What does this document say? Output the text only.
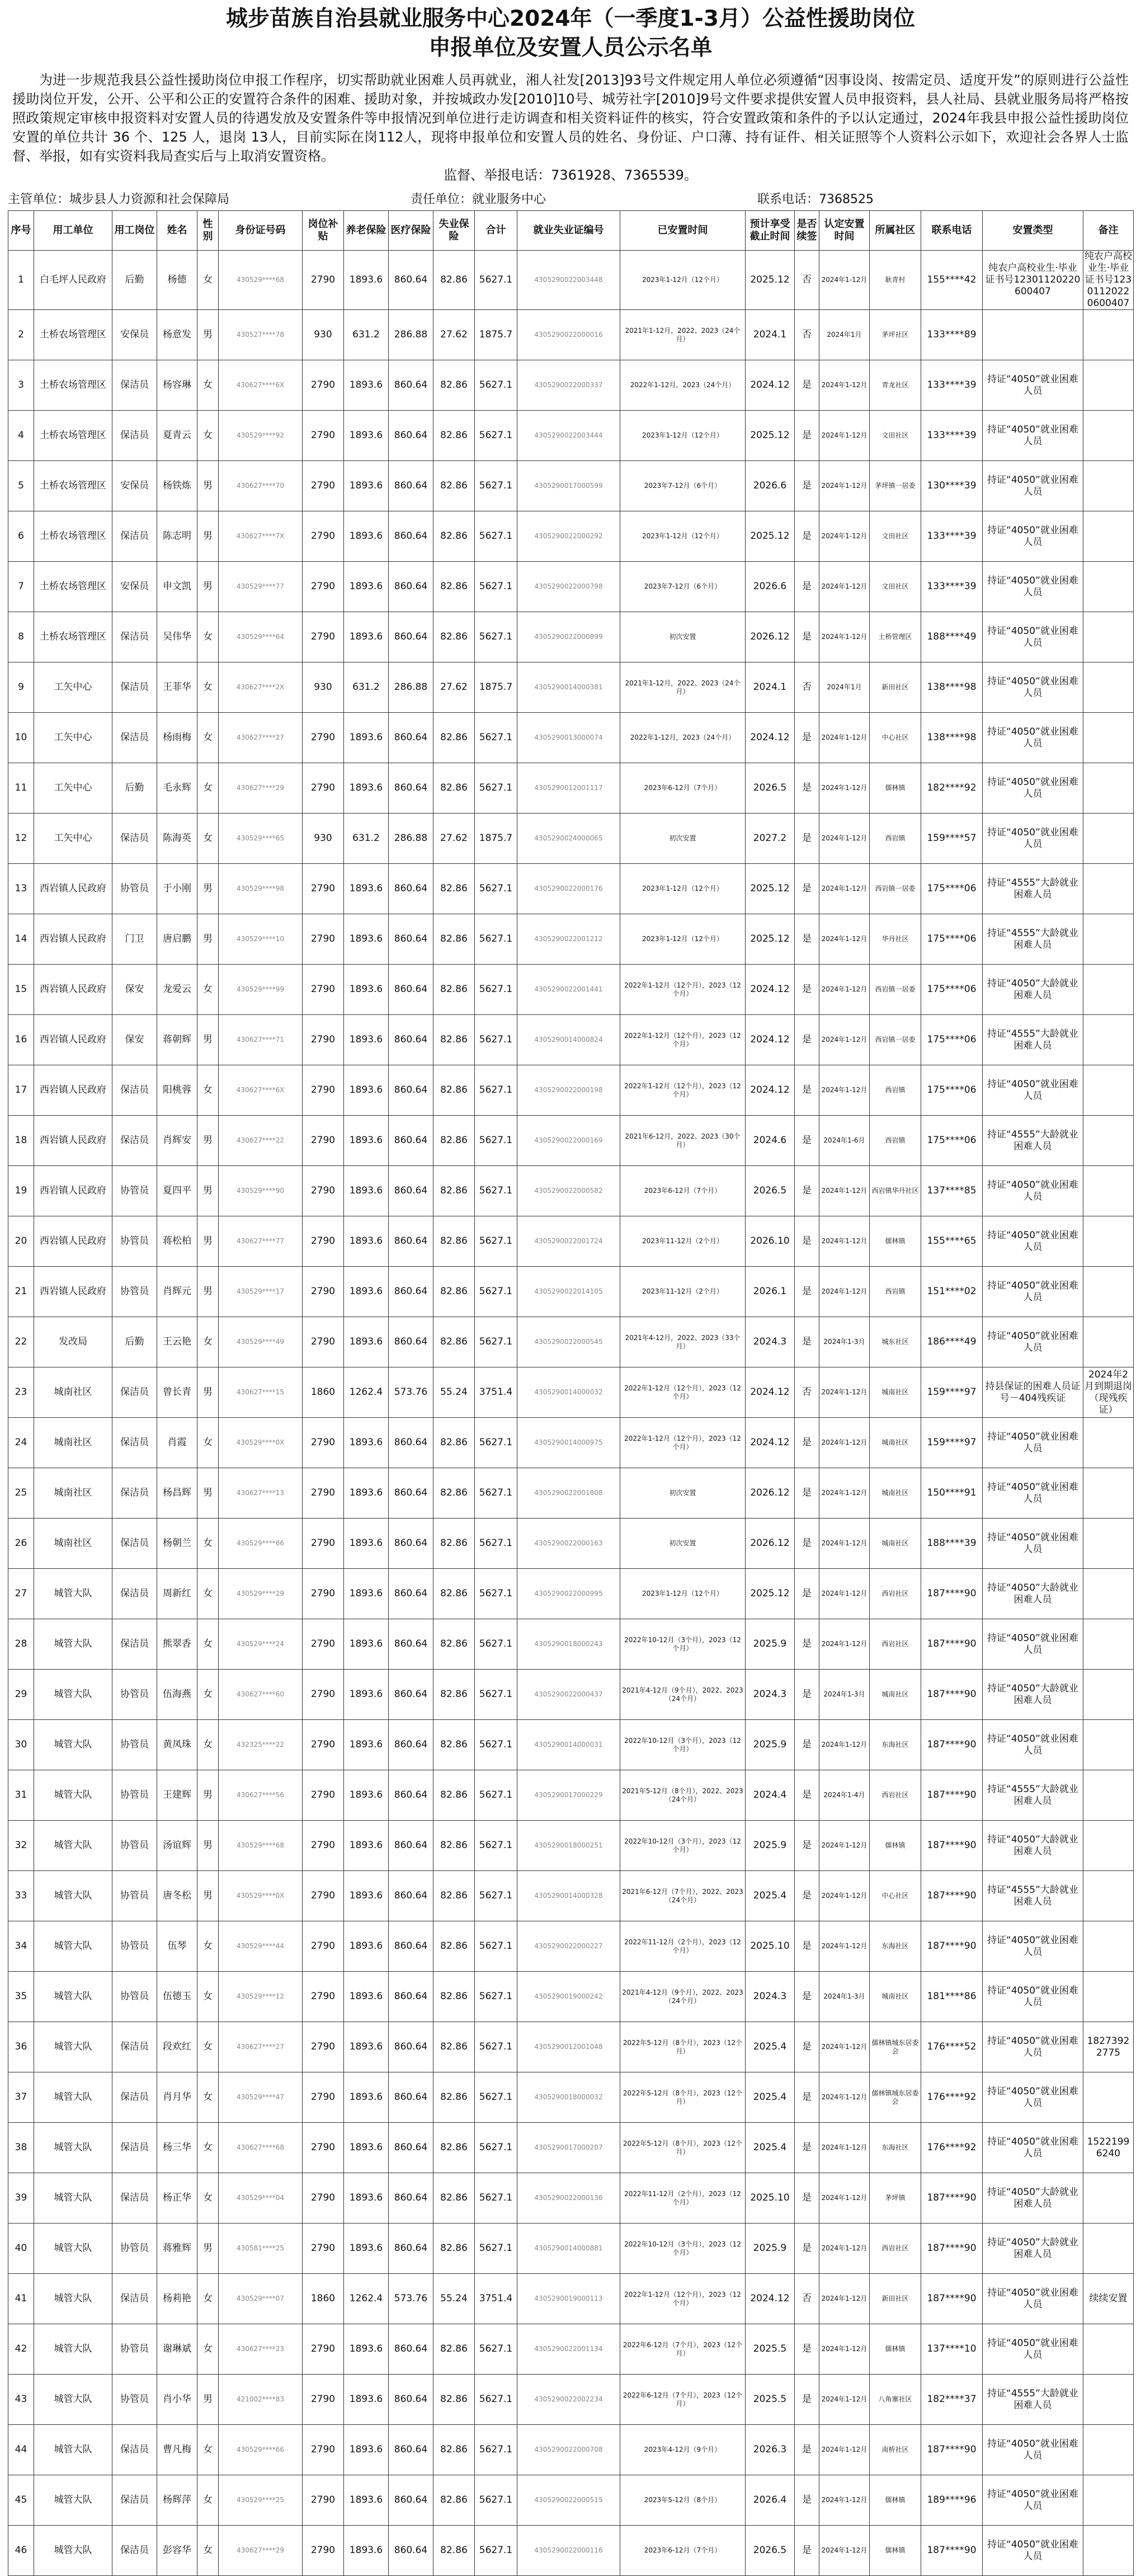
城步苗族自治县就业服务中心2024年（一季度1-3月）公益性援助岗位
申报单位及安置人员公示名单

为进一步规范我县公益性援助岗位申报工作程序，切实帮助就业困难人员再就业，湘人社发[2013]93号文件规定用人单位必须遵循“因事设岗、按需定员、适度开发”的原则进行公益性援助岗位开发，公开、公平和公正的安置符合条件的困难、援助对象，并按城政办发[2010]10号、城劳社字[2010]9号文件要求提供安置人员申报资料，县人社局、县就业服务局将严格按照政策规定审核申报资料对安置人员的待遇发放及安置条件等申报情况到单位进行走访调查和相关资料证件的核实，符合安置政策和条件的予以认定通过，2024年我县申报公益性援助岗位安置的单位共计 36 个、125 人，退岗 13人，目前实际在岗112人，现将申报单位和安置人员的姓名、身份证、户口薄、持有证件、相关证照等个人资料公示如下，欢迎社会各界人士监督、举报，如有实资料我局查实后与上取消安置资格。

监督、举报电话：7361928、7365539。

主管单位：城步县人力资源和社会保障局	责任单位：就业服务中心	联系电话：7368525
序号	用工单位	用工岗位	姓名	性别	身份证号码	岗位补贴	养老保险	医疗保险	失业保险	合计	就业失业证编号	已安置时间	预计享受截止时间	是否续签	认定安置时间	所属社区	联系电话	安置类型	备注
1	白毛坪人民政府	后勤	杨德	女	430529****68	2790	1893.6	860.64	82.86	5627.1	4305290022003448	2023年1-12月（12个月）	2025.12	否	2024年1-12月	耿青村	155****42	纯农户高校业生·毕业证书号12301120220600407	纯农户高校业生·毕业证书号12301120220600407
2	土桥农场管理区	安保员	杨意发	男	430527****78	930	631.2	286.88	27.62	1875.7	4305290022000016	2021年1-12月，2022、2023（24个月）	2024.1	否	2024年1月	茅坪社区	133****89		
3	土桥农场管理区	保洁员	杨容琳	女	430627****6X	2790	1893.6	860.64	82.86	5627.1	4305290022000337	2022年1-12月，2023（24个月）	2024.12	是	2024年1-12月	青龙社区	133****39	持证“4050”就业困难人员	
4	土桥农场管理区	保洁员	夏青云	女	430529****92	2790	1893.6	860.64	82.86	5627.1	4305290022003444	2023年1-12月（12个月）	2025.12	是	2024年1-12月	文田社区	133****39	持证“4050”就业困难人员	
5	土桥农场管理区	安保员	杨铁炼	男	430627****70	2790	1893.6	860.64	82.86	5627.1	4305290017000599	2023年7-12月（6个月）	2026.6	是	2024年1-12月	茅坪镇一居委	130****39	持证“4050”就业困难人员	
6	土桥农场管理区	保洁员	陈志明	男	430627****7X	2790	1893.6	860.64	82.86	5627.1	4305290022000292	2023年1-12月（12个月）	2025.12	是	2024年1-12月	文田社区	133****39	持证“4050”就业困难人员	
7	土桥农场管理区	安保员	申文凯	男	430529****77	2790	1893.6	860.64	82.86	5627.1	4305290022000798	2023年7-12月（6个月）	2026.6	是	2024年1-12月	文田社区	133****39	持证“4050”就业困难人员	
8	土桥农场管理区	保洁员	吴伟华	女	430529****64	2790	1893.6	860.64	82.86	5627.1	4305290022000899	初次安置	2026.12	是	2024年1-12月	土桥管理区	188****49	持证“4050”就业困难人员	
9	工矢中心	保洁员	王菲华	女	430627****2X	930	631.2	286.88	27.62	1875.7	4305290014000381	2021年1-12月，2022、2023（24个月）	2024.1	否	2024年1月	新田社区	138****98	持证“4050”就业困难人员	
10	工矢中心	保洁员	杨雨梅	女	430627****27	2790	1893.6	860.64	82.86	5627.1	4305290013000074	2022年1-12月，2023（24个月）	2024.12	是	2024年1-12月	中心社区	138****98	持证“4050”就业困难人员	
11	工矢中心	后勤	毛永辉	女	430627****29	2790	1893.6	860.64	82.86	5627.1	4305290012001117	2023年6-12月（7个月）	2026.5	是	2024年1-12月	儒林镇	182****92	持证“4050”就业困难人员	
12	工矢中心	保洁员	陈海英	女	430529****65	930	631.2	286.88	27.62	1875.7	4305290024000065	初次安置	2027.2	是	2024年1-12月	西岩镇	159****57	持证“4050”就业困难人员	
13	西岩镇人民政府	协管员	于小刚	男	430529****98	2790	1893.6	860.64	82.86	5627.1	4305290022000176	2023年1-12月（12个月）	2025.12	是	2024年1-12月	西岩镇一居委	175****06	持证“4555”大龄就业困难人员	
14	西岩镇人民政府	门卫	唐启鹏	男	430529****10	2790	1893.6	860.64	82.86	5627.1	4305290022001212	2023年1-12月（12个月）	2025.12	是	2024年1-12月	华丹社区	175****06	持证“4555”大龄就业困难人员	
15	西岩镇人民政府	保安	龙爱云	女	430529****99	2790	1893.6	860.64	82.86	5627.1	4305290022001441	2022年1-12月（12个月），2023（12个月）	2024.12	是	2024年1-12月	西岩镇一居委	175****06	持证“4050”大龄就业困难人员	
16	西岩镇人民政府	保安	蒋朝辉	男	430627****71	2790	1893.6	860.64	82.86	5627.1	4305290014000824	2022年1-12月（12个月），2023（12个月）	2024.12	是	2024年1-12月	西岩镇一居委	175****06	持证“4555”大龄就业困难人员	
17	西岩镇人民政府	保洁员	阳桃蓉	女	430627****6X	2790	1893.6	860.64	82.86	5627.1	4305290022000198	2022年1-12月（12个月），2023（12个月）	2024.12	是	2024年1-12月	西岩镇	175****06	持证“4050”就业困难人员	
18	西岩镇人民政府	保洁员	肖辉安	男	430627****22	2790	1893.6	860.64	82.86	5627.1	4305290022000169	2021年6-12月，2022、2023（30个月）	2024.6	是	2024年1-6月	西岩镇	175****06	持证“4555”大龄就业困难人员	
19	西岩镇人民政府	协管员	夏四平	男	430529****90	2790	1893.6	860.64	82.86	5627.1	4305290022000582	2023年6-12月（7个月）	2026.5	是	2024年1-12月	西岩镇华丹社区	137****85	持证“4050”就业困难人员	
20	西岩镇人民政府	协管员	蒋松柏	男	430627****77	2790	1893.6	860.64	82.86	5627.1	4305290022001724	2023年11-12月（2个月）	2026.10	是	2024年1-12月	儒林镇	155****65	持证“4050”就业困难人员	
21	西岩镇人民政府	协管员	肖辉元	男	430529****17	2790	1893.6	860.64	82.86	5627.1	4305290022014105	2023年11-12月（2个月）	2026.1	是	2024年1-12月	西岩镇	151****02	持证“4050”就业困难人员	
22	发改局	后勤	王云艳	女	430529****49	2790	1893.6	860.64	82.86	5627.1	4305290022000545	2021年4-12月，2022、2023（33个月）	2024.3	是	2024年1-3月	城东社区	186****49	持证“4050”就业困难人员	
23	城南社区	保洁员	曾长青	男	430627****15	1860	1262.4	573.76	55.24	3751.4	4305290014000032	2022年1-12月（12个月），2023（12个月）	2024.12	否	2024年1-12月	城南社区	159****97	持县保证的困难人员证号－404残疾证	2024年2月到期退岗（现残疾证）
24	城南社区	保洁员	肖霞	女	430529****0X	2790	1893.6	860.64	82.86	5627.1	4305290014000975	2022年1-12月（12个月），2023（12个月）	2024.12	是	2024年1-12月	城南社区	159****97	持证“4050”就业困难人员	
25	城南社区	保洁员	杨昌辉	男	430627****13	2790	1893.6	860.64	82.86	5627.1	4305290022001808	初次安置	2026.12	是	2024年1-12月	城南社区	150****91	持证“4050”就业困难人员	
26	城南社区	保洁员	杨朝兰	女	430529****66	2790	1893.6	860.64	82.86	5627.1	4305290022000163	初次安置	2026.12	是	2024年1-12月	城南社区	188****39	持证“4050”就业困难人员	
27	城管大队	保洁员	周新红	女	430529****29	2790	1893.6	860.64	82.86	5627.1	4305290022000995	2023年1-12月（12个月）	2025.12	是	2024年1-12月	西岩社区	187****90	持证“4050”大龄就业困难人员	
28	城管大队	保洁员	熊翠香	女	430529****24	2790	1893.6	860.64	82.86	5627.1	4305290018000243	2022年10-12月（3个月），2023（12个月）	2025.9	是	2024年1-12月	西岩社区	187****90	持证“4050”就业困难人员	
29	城管大队	协管员	伍海燕	女	430627****60	2790	1893.6	860.64	82.86	5627.1	4305290022000437	2021年4-12月（9个月），2022、2023（24个月）	2024.3	是	2024年1-3月	城南社区	187****90	持证“4050”大龄就业困难人员	
30	城管大队	协管员	黄凤珠	女	432325****22	2790	1893.6	860.64	82.86	5627.1	4305290014000031	2022年10-12月（3个月），2023（12个月）	2025.9	是	2024年1-12月	东海社区	187****90	持证“4050”就业困难人员	
31	城管大队	协管员	王建辉	男	430627****56	2790	1893.6	860.64	82.86	5627.1	4305290017000229	2021年5-12月（8个月），2022、2023（24个月）	2024.4	是	2024年1-4月	西岩社区	187****90	持证“4555”大龄就业困难人员	
32	城管大队	协管员	汤谊辉	男	430529****68	2790	1893.6	860.64	82.86	5627.1	4305290018000251	2022年10-12月（3个月），2023（12个月）	2025.9	是	2024年1-12月	儒林镇	187****90	持证“4050”大龄就业困难人员	
33	城管大队	协管员	唐冬松	男	430529****0X	2790	1893.6	860.64	82.86	5627.1	4305290014000328	2021年6-12月（7个月），2022、2023（24个月）	2025.4	是	2024年1-12月	中心社区	187****90	持证“4555”大龄就业困难人员	
34	城管大队	协管员	伍琴	女	430529****44	2790	1893.6	860.64	82.86	5627.1	4305290022000227	2022年11-12月（2个月），2023（12个月）	2025.10	是	2024年1-12月	东海社区	187****90	持证“4050”就业困难人员	
35	城管大队	协管员	伍德玉	女	430529****12	2790	1893.6	860.64	82.86	5627.1	4305290019000242	2021年4-12月（9个月），2022、2023（24个月）	2024.3	是	2024年1-3月	城南社区	181****86	持证“4050”就业困难人员	
36	城管大队	保洁员	段欢红	女	430627****27	2790	1893.6	860.64	82.86	5627.1	4305290012001048	2022年5-12月（8个月），2023（12个月）	2025.4	是	2024年1-12月	儒林镇城东居委会	176****52	持证“4050”就业困难人员	18273922775
37	城管大队	保洁员	肖月华	女	430529****47	2790	1893.6	860.64	82.86	5627.1	4305290018000032	2022年5-12月（8个月），2023（12个月）	2025.4	是	2024年1-12月	儒林镇城东居委会	176****92	持证“4050”就业困难人员	
38	城管大队	保洁员	杨三华	女	430627****68	2790	1893.6	860.64	82.86	5627.1	4305290017000207	2022年5-12月（8个月），2023（12个月）	2025.4	是	2024年1-12月	东海社区	176****92	持证“4050”就业困难人员	15221996240
39	城管大队	保洁员	杨正华	女	430529****04	2790	1893.6	860.64	82.86	5627.1	4305290022000136	2022年11-12月（2个月），2023（12个月）	2025.10	是	2024年1-12月	茅坪镇	187****90	持证“4050”大龄就业困难人员	
40	城管大队	协管员	蒋雅辉	男	430581****25	2790	1893.6	860.64	82.86	5627.1	4305290014000881	2022年10-12月（3个月），2023（12个月）	2025.9	是	2024年1-12月	西岩社区	187****90	持证“4050”大龄就业困难人员	
41	城管大队	保洁员	杨莉艳	女	430529****07	1860	1262.4	573.76	55.24	3751.4	4305290019000113	2022年1-12月（12个月），2023（12个月）	2024.12	否	2024年1-12月	新田社区	187****90	持证“4050”就业困难人员	续续安置
42	城管大队	协管员	谢琳斌	女	430627****23	2790	1893.6	860.64	82.86	5627.1	4305290022001134	2022年6-12月（7个月），2023（12个月）	2025.5	是	2024年1-12月	儒林镇	137****10	持证“4050”就业困难人员	
43	城管大队	协管员	肖小华	男	421002****83	2790	1893.6	860.64	82.86	5627.1	4305290022002234	2022年6-12月（7个月），2023（12个月）	2025.5	是	2024年1-12月	八角寨社区	182****37	持证“4555”大龄就业困难人员	
44	城管大队	保洁员	曹凡梅	女	430529****66	2790	1893.6	860.64	82.86	5627.1	4305290022000708	2023年4-12月（9个月）	2026.3	是	2024年1-12月	南桥社区	187****90	持证“4050”就业困难人员	
45	城管大队	保洁员	杨辉萍	女	430529****25	2790	1893.6	860.64	82.86	5627.1	4305290022000515	2023年5-12月（8个月）	2026.4	是	2024年1-12月	儒林镇	189****96	持证“4050”就业困难人员	
46	城管大队	保洁员	彭容华	女	430627****29	2790	1893.6	860.64	82.86	5627.1	4305290022000116	2023年6-12月（7个月）	2026.5	是	2024年1-12月	儒林镇	187****90	持证“4050”就业困难人员	
